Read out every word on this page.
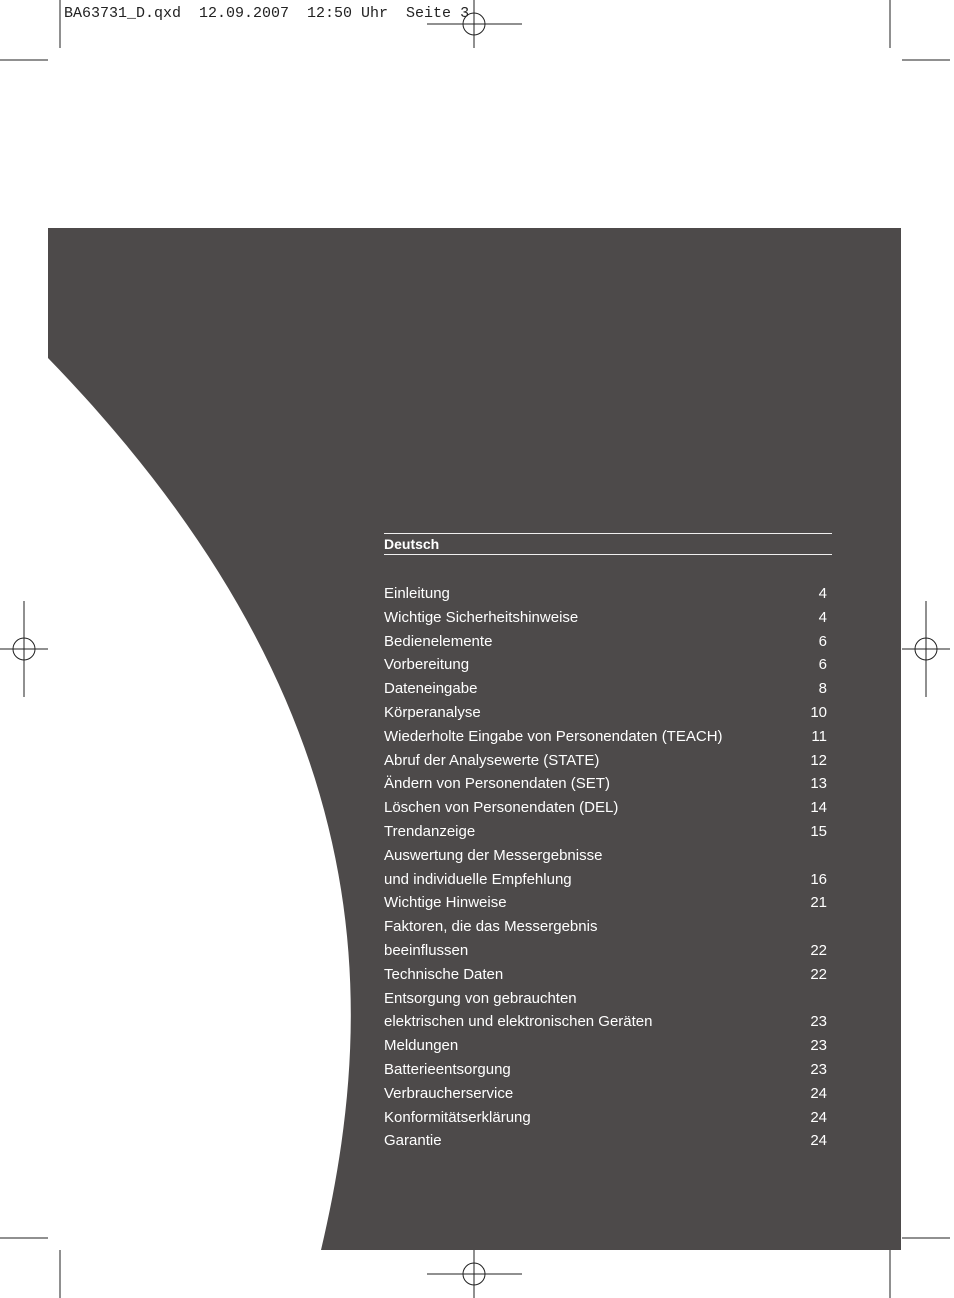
BA63731_D.qxd  12.09.2007  12:50 Uhr  Seite 3
Deutsch
Einleitung	4
Wichtige Sicherheitshinweise	4
Bedienelemente	6
Vorbereitung	6
Dateneingabe	8
Körperanalyse	10
Wiederholte Eingabe von Personendaten (TEACH)	11
Abruf der Analysewerte (STATE)	12
Ändern von Personendaten (SET)	13
Löschen von Personendaten (DEL)	14
Trendanzeige	15
Auswertung der Messergebnisse
und individuelle Empfehlung	16
Wichtige Hinweise	21
Faktoren, die das Messergebnis
beeinflussen	22
Technische Daten	22
Entsorgung von gebrauchten
elektrischen und elektronischen Geräten	23
Meldungen	23
Batterieentsorgung	23
Verbraucherservice	24
Konformitätserklärung	24
Garantie	24
